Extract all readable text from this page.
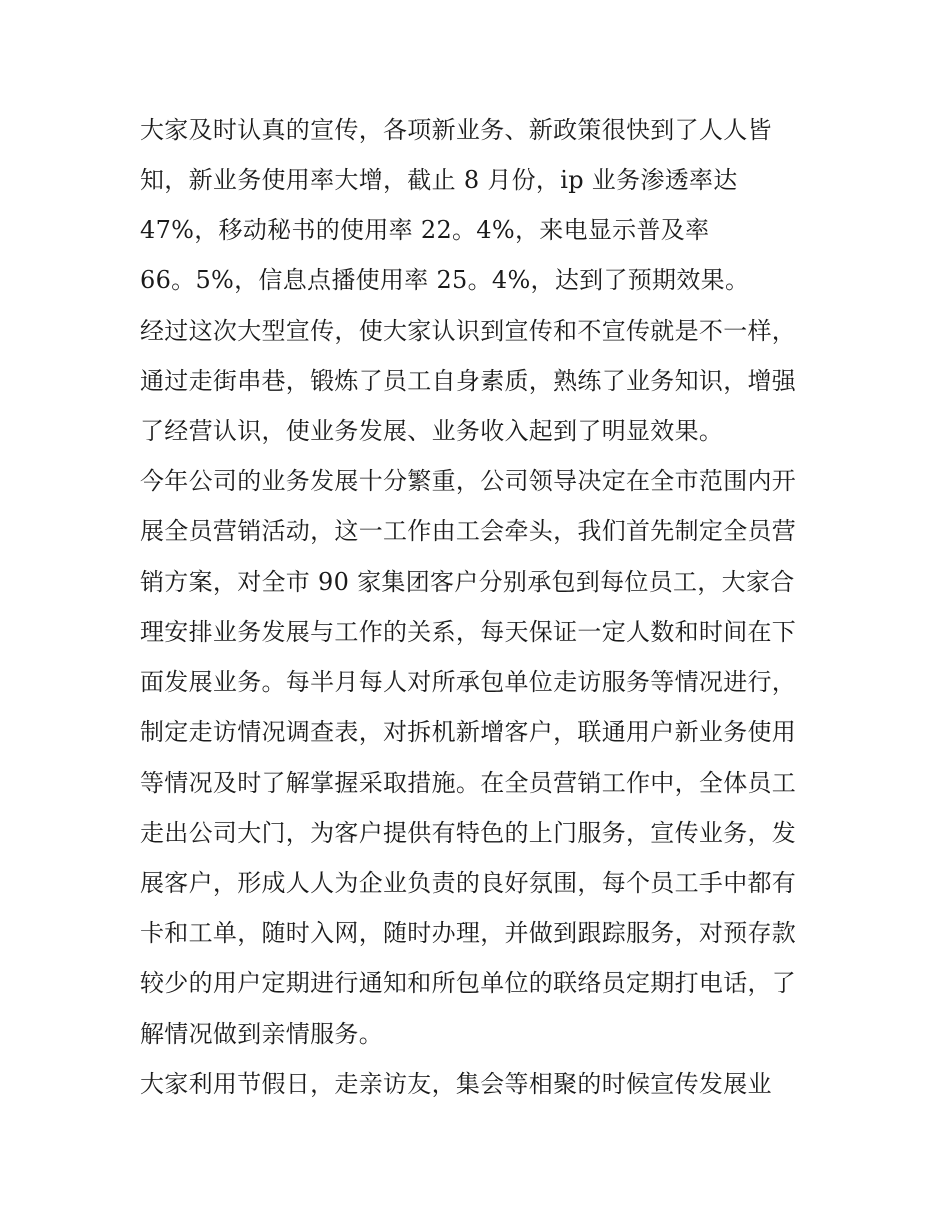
大家及时认真的宣传，各项新业务、新政策很快到了人人皆
知，新业务使用率大增，截止 8 月份，ip 业务渗透率达
47%，移动秘书的使用率 22。4%，来电显示普及率
66。5%，信息点播使用率 25。4%，达到了预期效果。
经过这次大型宣传，使大家认识到宣传和不宣传就是不一样，
通过走街串巷，锻炼了员工自身素质，熟练了业务知识，增强
了经营认识，使业务发展、业务收入起到了明显效果。
今年公司的业务发展十分繁重，公司领导决定在全市范围内开
展全员营销活动，这一工作由工会牵头，我们首先制定全员营
销方案，对全市 90 家集团客户分别承包到每位员工，大家合
理安排业务发展与工作的关系，每天保证一定人数和时间在下
面发展业务。每半月每人对所承包单位走访服务等情况进行，
制定走访情况调查表，对拆机新增客户，联通用户新业务使用
等情况及时了解掌握采取措施。在全员营销工作中，全体员工
走出公司大门，为客户提供有特色的上门服务，宣传业务，发
展客户，形成人人为企业负责的良好氛围，每个员工手中都有
卡和工单，随时入网，随时办理，并做到跟踪服务，对预存款
较少的用户定期进行通知和所包单位的联络员定期打电话，了
解情况做到亲情服务。
大家利用节假日，走亲访友，集会等相聚的时候宣传发展业
